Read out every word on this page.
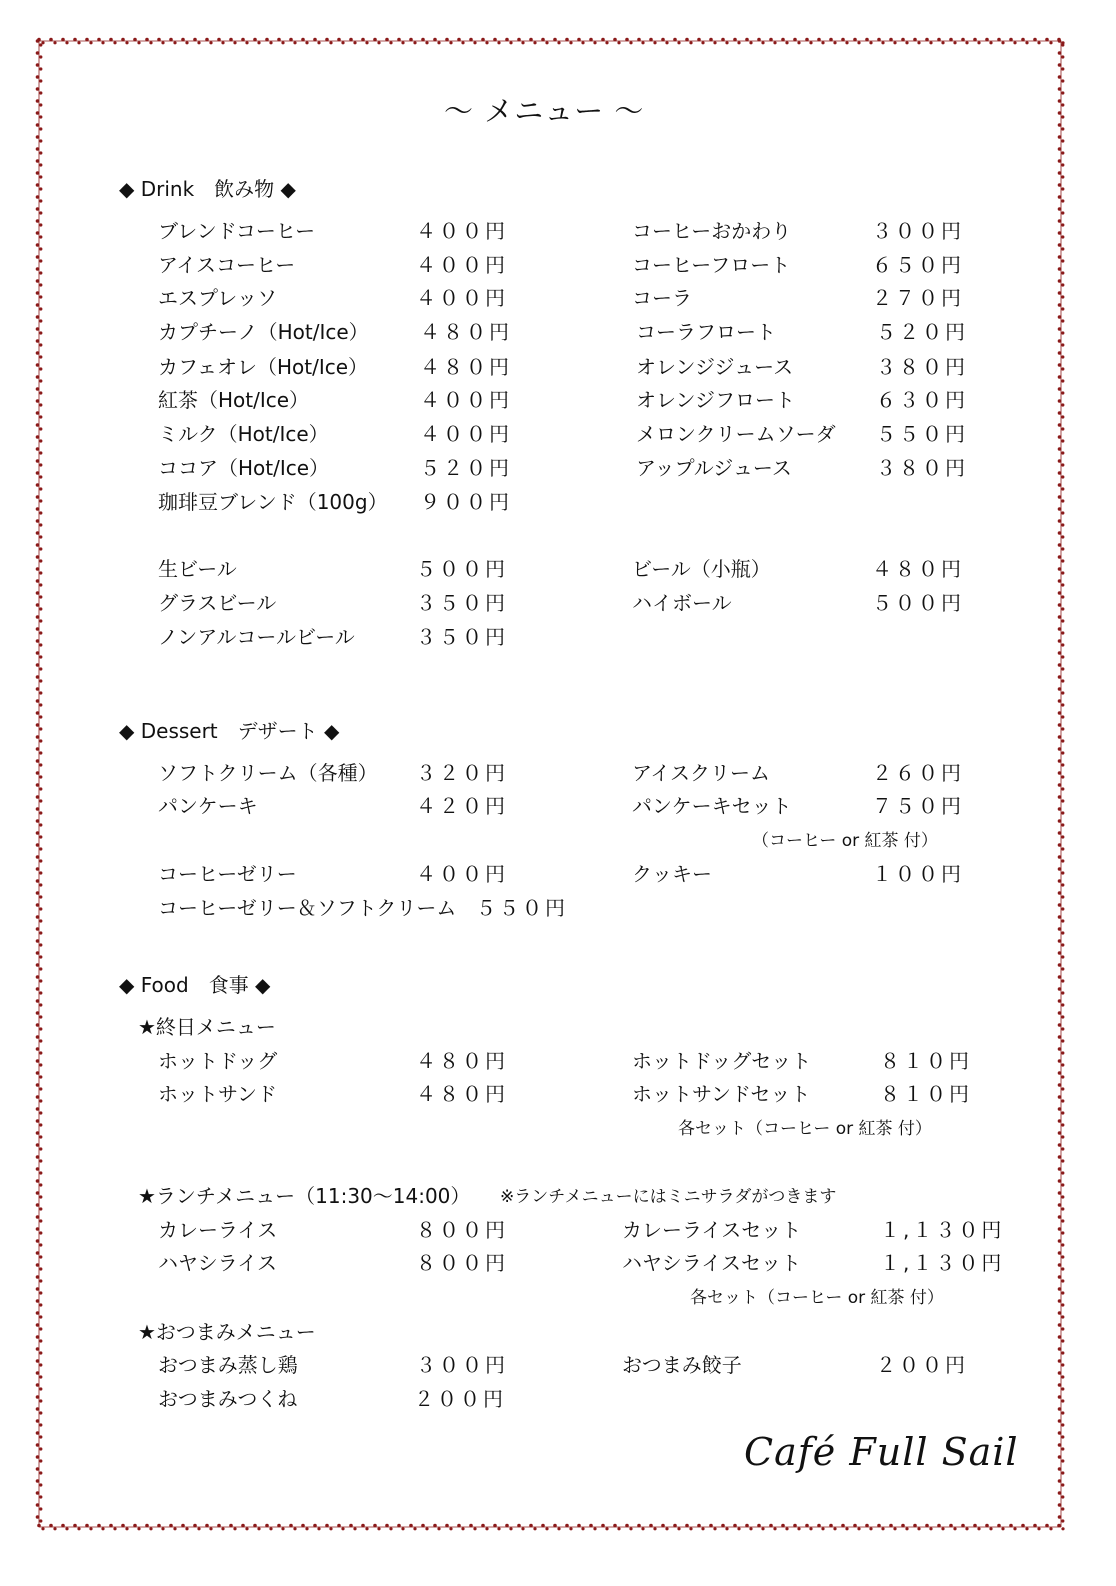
～ メニュー ～
◆ Drink　飲み物 ◆
ブレンドコーヒー	４００円
アイスコーヒー	４００円
エスプレッソ	４００円
カプチーノ（Hot/Ice）	４８０円
カフェオレ（Hot/Ice）	４８０円
紅茶（Hot/Ice）	４００円
ミルク（Hot/Ice）	４００円
ココア（Hot/Ice）	５２０円
珈琲豆ブレンド（100g） ９００円
コーヒーおかわり	３００円
コーヒーフロート	６５０円
コーラ	２７０円
コーラフロート	５２０円
オレンジジュース	３８０円
オレンジフロート	６３０円
メロンクリームソーダ ５５０円
アップルジュース	３８０円
生ビール	５００円
グラスビール	３５０円
ノンアルコールビール	３５０円
ビール（小瓶）	４８０円
ハイボール	５００円
◆ Dessert　デザート ◆
ソフトクリーム（各種） ３２０円
パンケーキ	４２０円
コーヒーゼリー	４００円
コーヒーゼリー＆ソフトクリーム ５５０円
アイスクリーム	２６０円
パンケーキセット	７５０円
（コーヒー or 紅茶 付）
クッキー	１００円
◆ Food　食事 ◆
★終日メニュー
ホットドッグ	４８０円
ホットサンド	４８０円
ホットドッグセット	８１０円
ホットサンドセット	８１０円
各セット（コーヒー or 紅茶 付）
★ランチメニュー（11:30～14:00） ※ランチメニューにはミニサラダがつきます
カレーライス	８００円
ハヤシライス	８００円
カレーライスセット	１,１３０円
ハヤシライスセット	１,１３０円
各セット（コーヒー or 紅茶 付）
★おつまみメニュー
おつまみ蒸し鶏	３００円
おつまみつくね	２００円
おつまみ餃子	２００円
Café Full Sail
